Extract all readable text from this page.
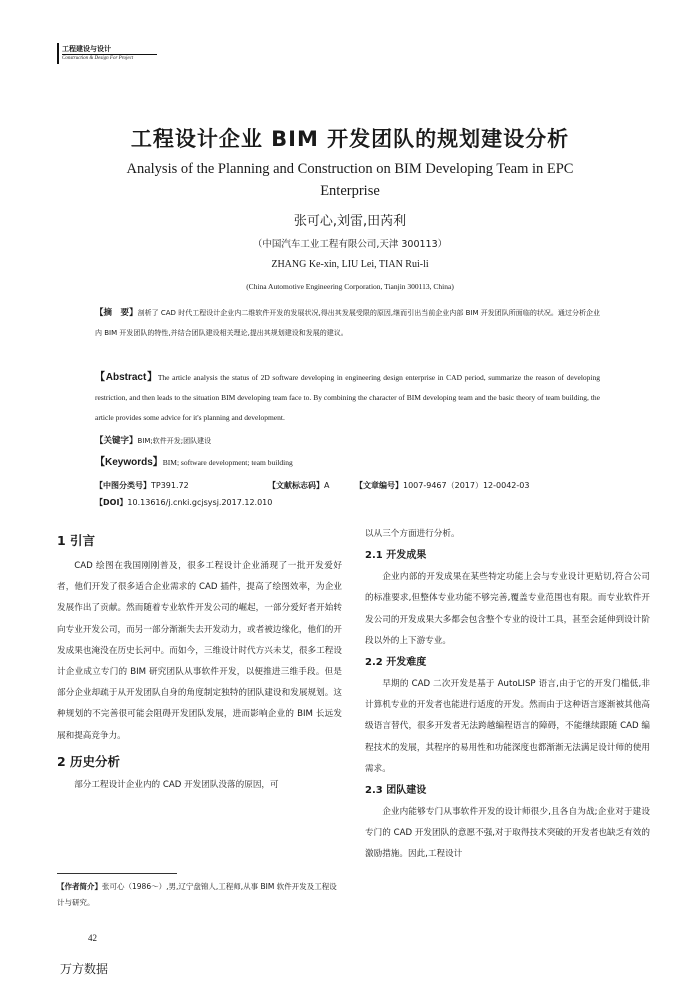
工程建设与设计
Construction & Design For Project
工程设计企业 BIM 开发团队的规划建设分析
Analysis of the Planning and Construction on BIM Developing Team in EPC Enterprise
张可心,刘雷,田芮利
（中国汽车工业工程有限公司,天津 300113）
ZHANG Ke-xin, LIU Lei, TIAN Rui-li
(China Automotive Engineering Corporation, Tianjin 300113, China)
【摘　要】剖析了 CAD 时代工程设计企业内二维软件开发的发展状况,得出其发展受限的原因,继而引出当前企业内部 BIM 开发团队所面临的状况。通过分析企业内 BIM 开发团队的特性,并结合团队建设相关理论,提出其规划建设和发展的建议。
【Abstract】The article analysis the status of 2D software developing in engineering design enterprise in CAD period, summarize the reason of developing restriction, and then leads to the situation BIM developing team face to. By combining the character of BIM developing team and the basic theory of team building, the article provides some advice for it's planning and development.
【关键字】BIM;软件开发;团队建设
【Keywords】BIM; software development; team building
【中图分类号】TP391.72	【文献标志码】A	【文章编号】1007-9467（2017）12-0042-03
【DOI】10.13616/j.cnki.gcjsysj.2017.12.010
1 引言

CAD 绘图在我国刚刚普及，很多工程设计企业涌现了一批开发爱好者，他们开发了很多适合企业需求的 CAD 插件，提高了绘图效率，为企业发展作出了贡献。然而随着专业软件开发公司的崛起，一部分爱好者开始转向专业开发公司，而另一部分渐渐失去开发动力，或者被边缘化，他们的开发成果也淹没在历史长河中。而如今，三维设计时代方兴未艾，很多工程设计企业成立专门的 BIM 研究团队从事软件开发，以便推进三维手段。但是部分企业却疏于从开发团队自身的角度制定独特的团队建设和发展规划。这种规划的不完善很可能会阻碍开发团队发展，进而影响企业的 BIM 长远发展和提高竞争力。

2 历史分析

部分工程设计企业内的 CAD 开发团队没落的原因，可

以从三个方面进行分析。

2.1 开发成果

企业内部的开发成果在某些特定功能上会与专业设计更贴切,符合公司的标准要求,但整体专业功能不够完善,覆盖专业范围也有限。而专业软件开发公司的开发成果大多都会包含整个专业的设计工具，甚至会延伸到设计阶段以外的上下游专业。

2.2 开发难度

早期的 CAD 二次开发是基于 AutoLISP 语言,由于它的开发门槛低,非计算机专业的开发者也能进行适度的开发。然而由于这种语言逐渐被其他高级语言替代，很多开发者无法跨越编程语言的障碍，不能继续跟随 CAD 编程技术的发展，其程序的易用性和功能深度也都渐渐无法满足设计师的使用需求。

2.3 团队建设

企业内能够专门从事软件开发的设计师很少,且各自为战;企业对于建设专门的 CAD 开发团队的意愿不强,对于取得技术突破的开发者也缺乏有效的激励措施。因此,工程设计

【作者简介】张可心（1986～）,男,辽宁盘锦人,工程师,从事 BIM 软件开发及工程设计与研究。
42
万方数据
